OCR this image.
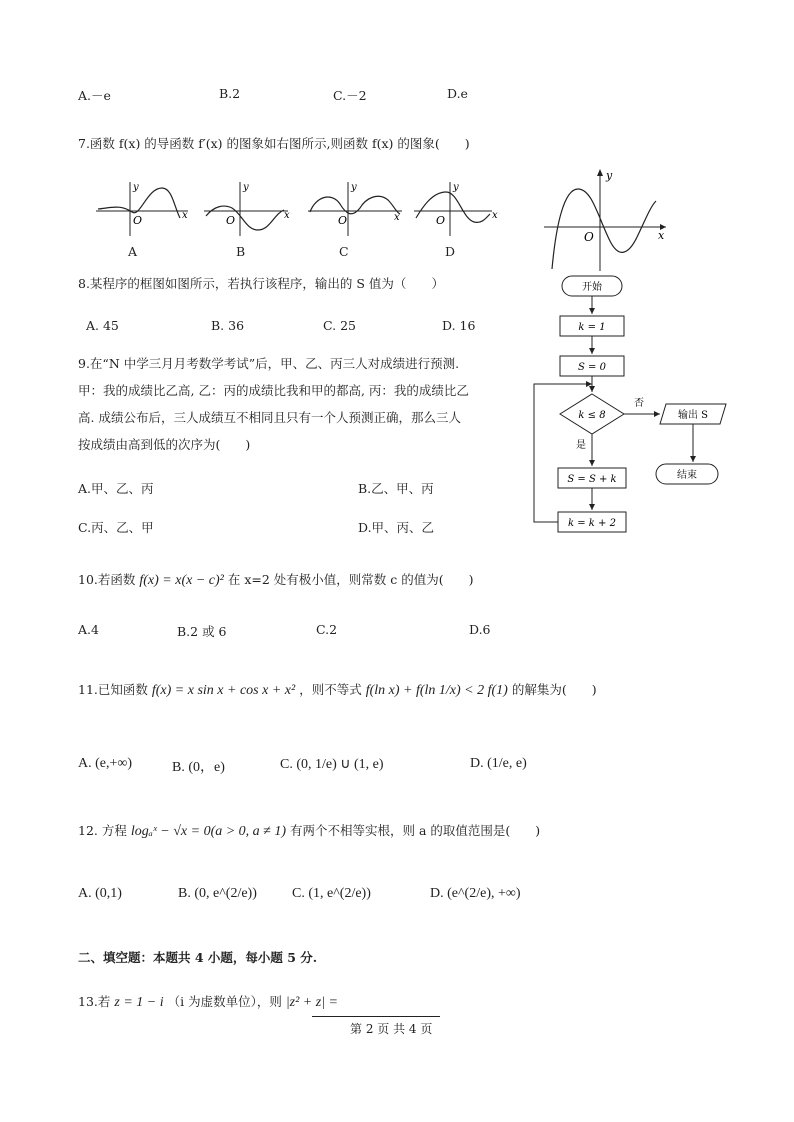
A.－e	B.2	C.－2	D.e
7.函数 f(x) 的导函数 f′(x) 的图象如右图所示,则函数 f(x) 的图象(　　)
y
x
O
y
x
O
y
x
O
y
x
O
A	B	C	D
y
x
O
8.某程序的框图如图所示，若执行该程序，输出的 S 值为（　　）
A. 45	B. 36	C. 25	D. 16
开始
k = 1
S = 0
k ≤ 8
否
输出 S
结束
是
S = S + k
k = k + 2
9.在“N 中学三月月考数学考试”后，甲、乙、丙三人对成绩进行预测.
甲：我的成绩比乙高, 乙：丙的成绩比我和甲的都高, 丙：我的成绩比乙
高. 成绩公布后，三人成绩互不相同且只有一个人预测正确，那么三人
按成绩由高到低的次序为(　　)
A.甲、乙、丙	B.乙、甲、丙
C.丙、乙、甲	D.甲、丙、乙
10.若函数 f(x) = x(x − c)² 在 x=2 处有极小值，则常数 c 的值为(　　)
A.4	B.2 或 6	C.2	D.6
11.已知函数 f(x) = x sin x + cos x + x² ，则不等式 f(ln x) + f(ln 1/x) < 2 f(1) 的解集为(　　)
A. (e,+∞)	B. (0，e)	C. (0, 1/e) ∪ (1, e)	D. (1/e, e)
12. 方程 logₐˣ − √x = 0(a > 0, a ≠ 1) 有两个不相等实根，则 a 的取值范围是(　　)
A. (0,1)	B. (0, e^(2/e))	C. (1, e^(2/e))	D. (e^(2/e), +∞)
二、填空题：本题共 4 小题，每小题 5 分.
13.若 z = 1 − i （i 为虚数单位），则 |z² + z| =
第 2 页 共 4 页
